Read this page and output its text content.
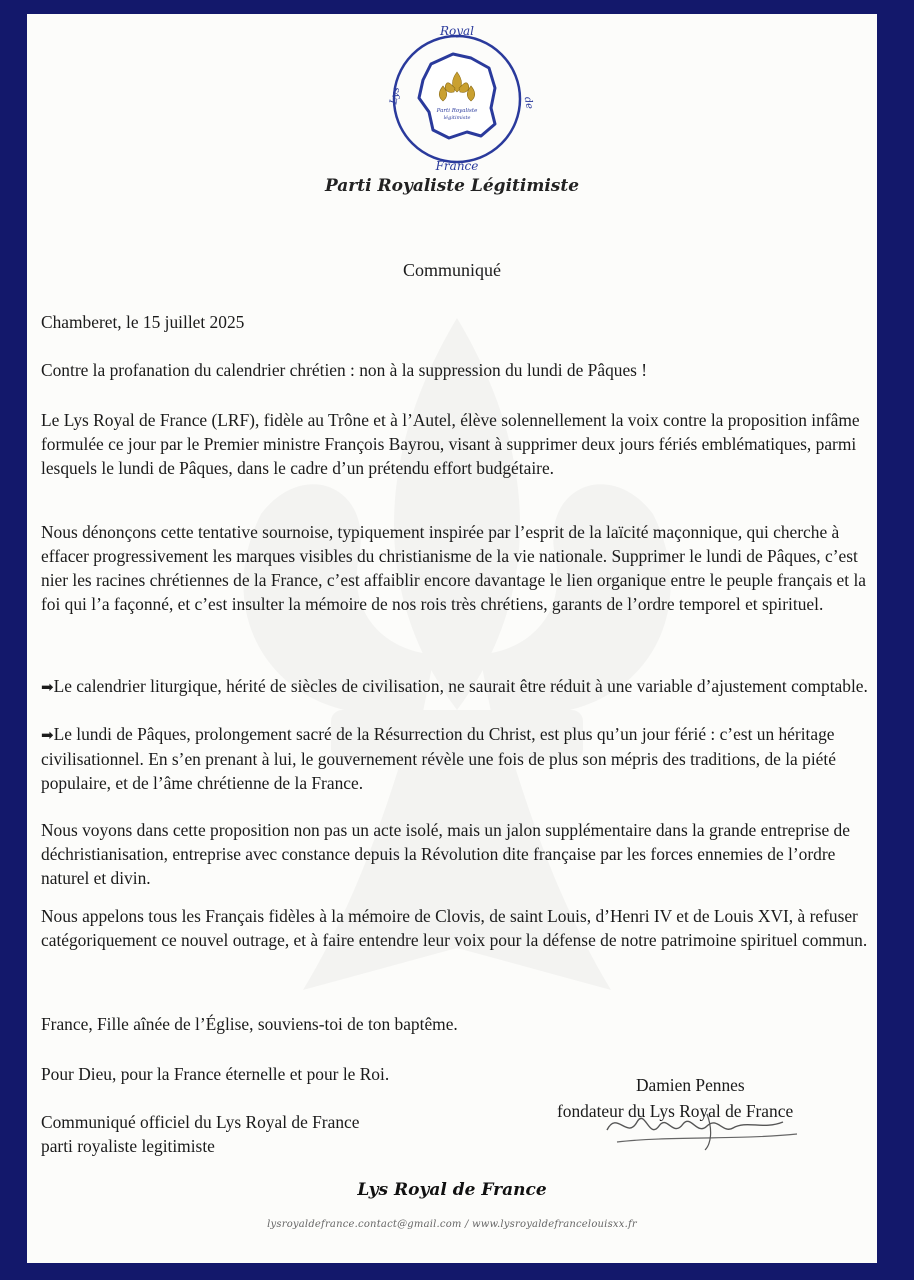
Royal
Lys	de
France
Parti Royaliste
légitimiste
Parti Royaliste Légitimiste
Communiqué

Chamberet, le 15 juillet 2025

Contre la profanation du calendrier chrétien : non à la suppression du lundi de Pâques !

Le Lys Royal de France (LRF), fidèle au Trône et à l’Autel, élève solennellement la voix contre la proposition infâme formulée ce jour par le Premier ministre François Bayrou, visant à supprimer deux jours fériés emblématiques, parmi lesquels le lundi de Pâques, dans le cadre d’un prétendu effort budgétaire.

Nous dénonçons cette tentative sournoise, typiquement inspirée par l’esprit de la laïcité maçonnique, qui cherche à effacer progressivement les marques visibles du christianisme de la vie nationale. Supprimer le lundi de Pâques, c’est nier les racines chrétiennes de la France, c’est affaiblir encore davantage le lien organique entre le peuple français et la foi qui l’a façonné, et c’est insulter la mémoire de nos rois très chrétiens, garants de l’ordre temporel et spirituel.

➡Le calendrier liturgique, hérité de siècles de civilisation, ne saurait être réduit à une variable d’ajustement comptable.

➡Le lundi de Pâques, prolongement sacré de la Résurrection du Christ, est plus qu’un jour férié : c’est un héritage civilisationnel. En s’en prenant à lui, le gouvernement révèle une fois de plus son mépris des traditions, de la piété populaire, et de l’âme chrétienne de la France.

Nous voyons dans cette proposition non pas un acte isolé, mais un jalon supplémentaire dans la grande entreprise de déchristianisation, entreprise avec constance depuis la Révolution dite française par les forces ennemies de l’ordre naturel et divin.

Nous appelons tous les Français fidèles à la mémoire de Clovis, de saint Louis, d’Henri IV et de Louis XVI, à refuser catégoriquement ce nouvel outrage, et à faire entendre leur voix pour la défense de notre patrimoine spirituel commun.

France, Fille aînée de l’Église, souviens-toi de ton baptême.

Pour Dieu, pour la France éternelle et pour le Roi.

Communiqué officiel du Lys Royal de France

parti royaliste legitimiste

Damien Pennes
fondateur du Lys Royal de France
Lys Royal de France
lysroyaldefrance.contact@gmail.com / www.lysroyaldefrancelouisxx.fr
